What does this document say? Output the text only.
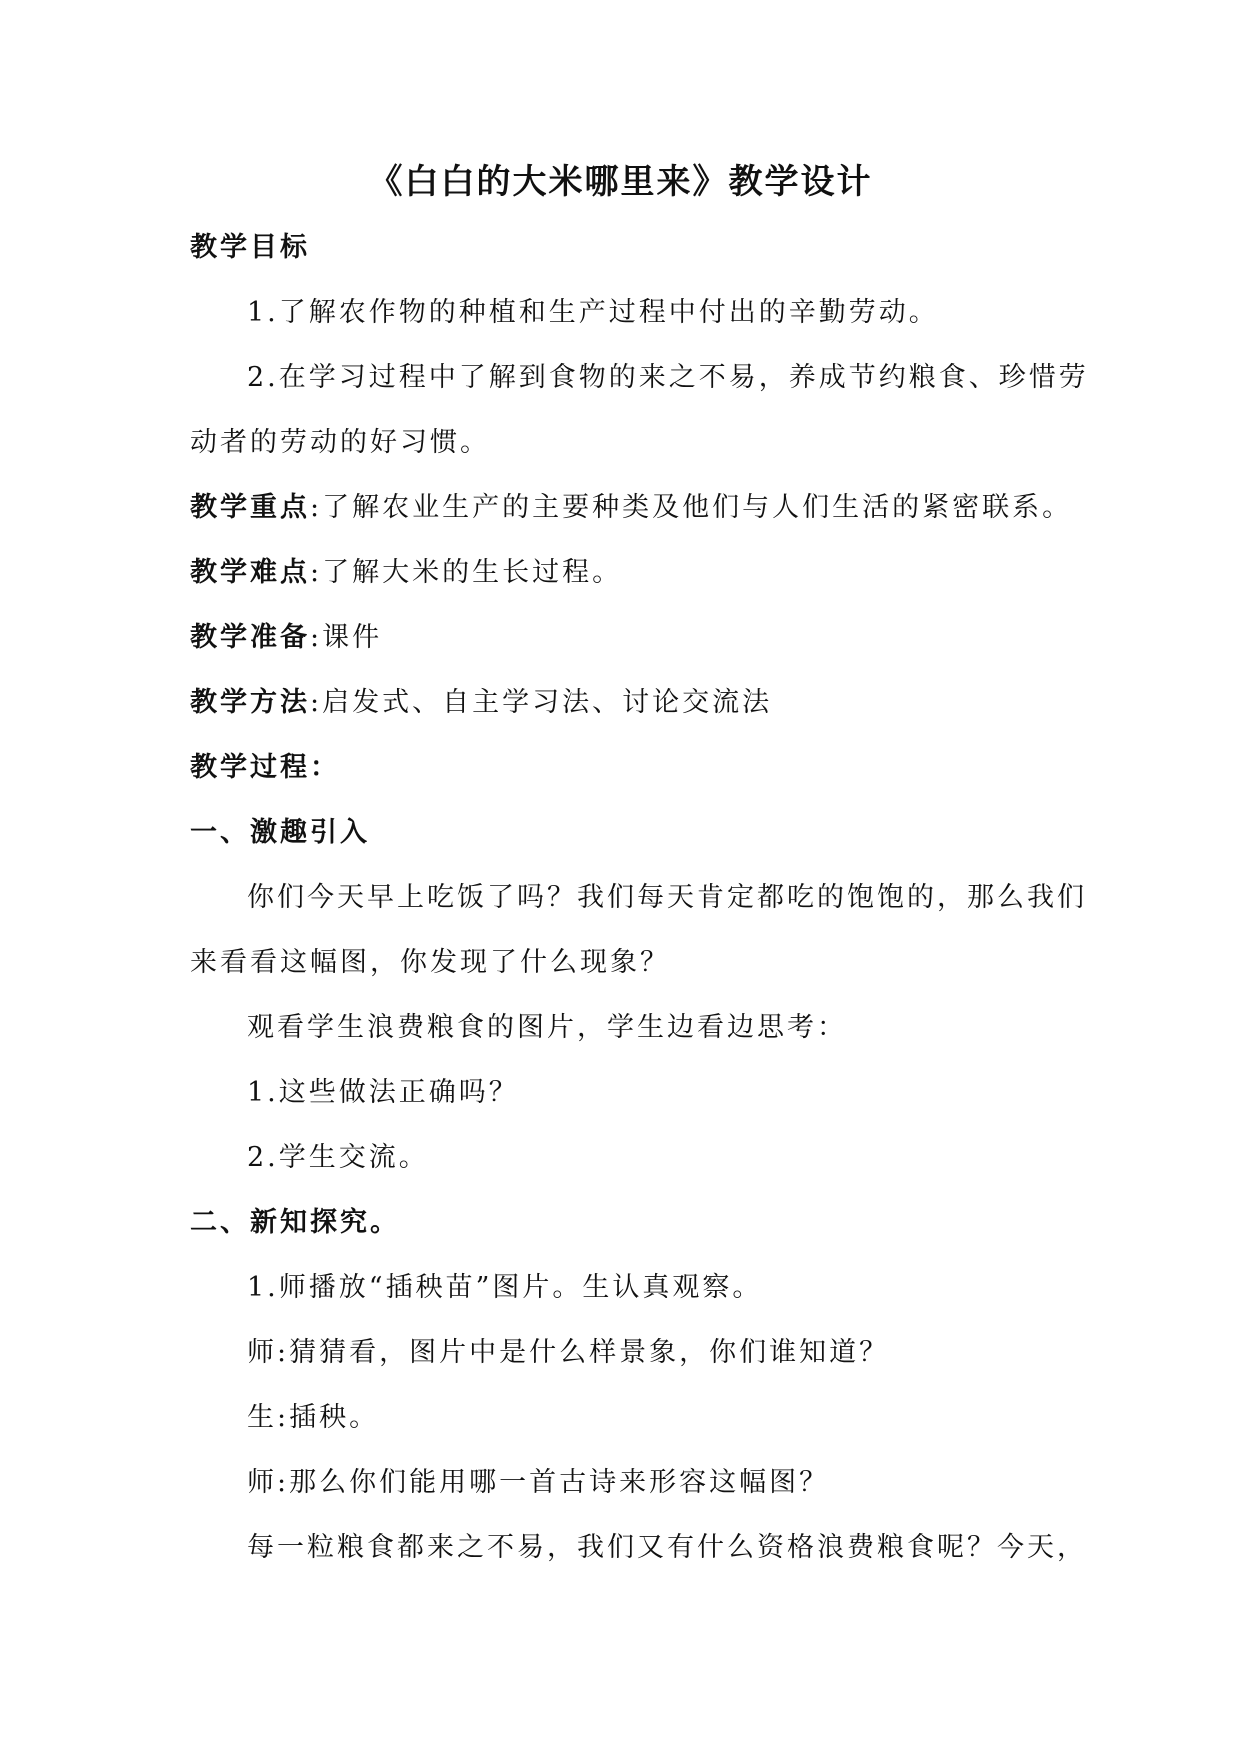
《白白的大米哪里来》教学设计
教学目标
1.了解农作物的种植和生产过程中付出的辛勤劳动。
2.在学习过程中了解到食物的来之不易，养成节约粮食、珍惜劳
动者的劳动的好习惯。
教学重点:了解农业生产的主要种类及他们与人们生活的紧密联系。
教学难点:了解大米的生长过程。
教学准备:课件
教学方法:启发式、自主学习法、讨论交流法
教学过程：
一、激趣引入
你们今天早上吃饭了吗？我们每天肯定都吃的饱饱的，那么我们
来看看这幅图，你发现了什么现象？
观看学生浪费粮食的图片，学生边看边思考：
1.这些做法正确吗？
2.学生交流。
二、新知探究。
1.师播放“插秧苗”图片。生认真观察。
师:猜猜看，图片中是什么样景象，你们谁知道？
生:插秧。
师:那么你们能用哪一首古诗来形容这幅图？
每一粒粮食都来之不易，我们又有什么资格浪费粮食呢？今天，
